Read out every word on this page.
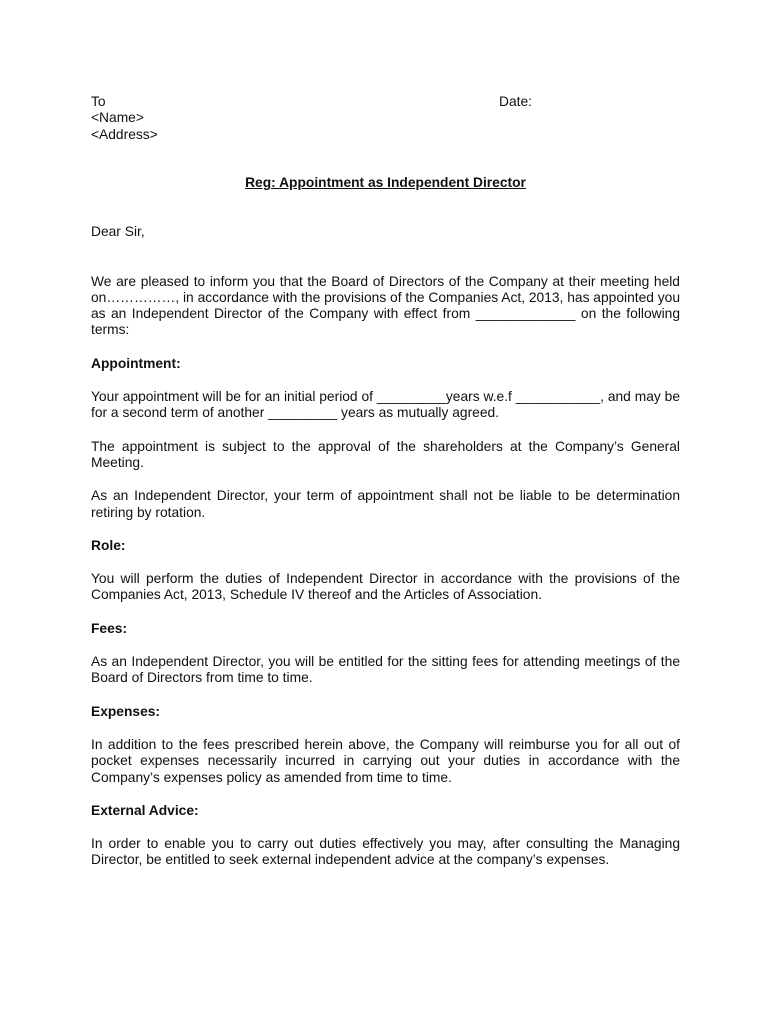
To
<Name>
<Address>
Date:
Reg: Appointment as Independent Director
Dear Sir,

We are pleased to inform you that the Board of Directors of the Company at their meeting held on……………, in accordance with the provisions of the Companies Act, 2013, has appointed you as an Independent Director of the Company with effect from _____________ on the following terms:

Appointment:

Your appointment will be for an initial period of _________years w.e.f ___________, and may be for a second term of another _________ years as mutually agreed.

The appointment is subject to the approval of the shareholders at the Company’s General Meeting.

As an Independent Director, your term of appointment shall not be liable to be determination retiring by rotation.

Role:

You will perform the duties of Independent Director in accordance with the provisions of the Companies Act, 2013, Schedule IV thereof and the Articles of Association.

Fees:

As an Independent Director, you will be entitled for the sitting fees for attending meetings of the Board of Directors from time to time.

Expenses:

In addition to the fees prescribed herein above, the Company will reimburse you for all out of pocket expenses necessarily incurred in carrying out your duties in accordance with the Company’s expenses policy as amended from time to time.

External Advice:

In order to enable you to carry out duties effectively you may, after consulting the Managing Director, be entitled to seek external independent advice at the company’s expenses.
